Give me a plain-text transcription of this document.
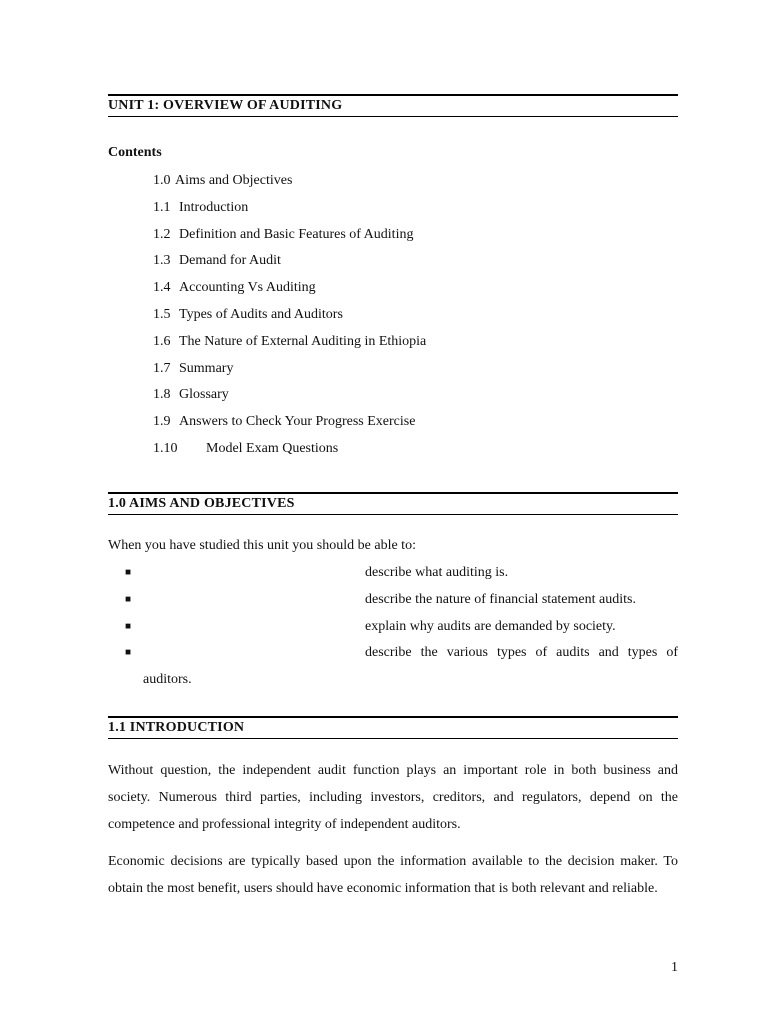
UNIT 1: OVERVIEW OF AUDITING
Contents
1.0 Aims and Objectives
1.1 Introduction
1.2 Definition and Basic Features of Auditing
1.3 Demand for Audit
1.4 Accounting Vs Auditing
1.5 Types of Audits and Auditors
1.6 The Nature of External Auditing in Ethiopia
1.7 Summary
1.8 Glossary
1.9 Answers to Check Your Progress Exercise
1.10 Model Exam Questions
1.0 AIMS AND OBJECTIVES
When you have studied this unit you should be able to:
■	describe what auditing is.
■	describe the nature of financial statement audits.
■	explain why audits are demanded by society.
■	describe the various types of audits and types of
auditors.
1.1 INTRODUCTION

Without question, the independent audit function plays an important role in both business and society. Numerous third parties, including investors, creditors, and regulators, depend on the competence and professional integrity of independent auditors.

Economic decisions are typically based upon the information available to the decision maker. To obtain the most benefit, users should have economic information that is both relevant and reliable.

1
